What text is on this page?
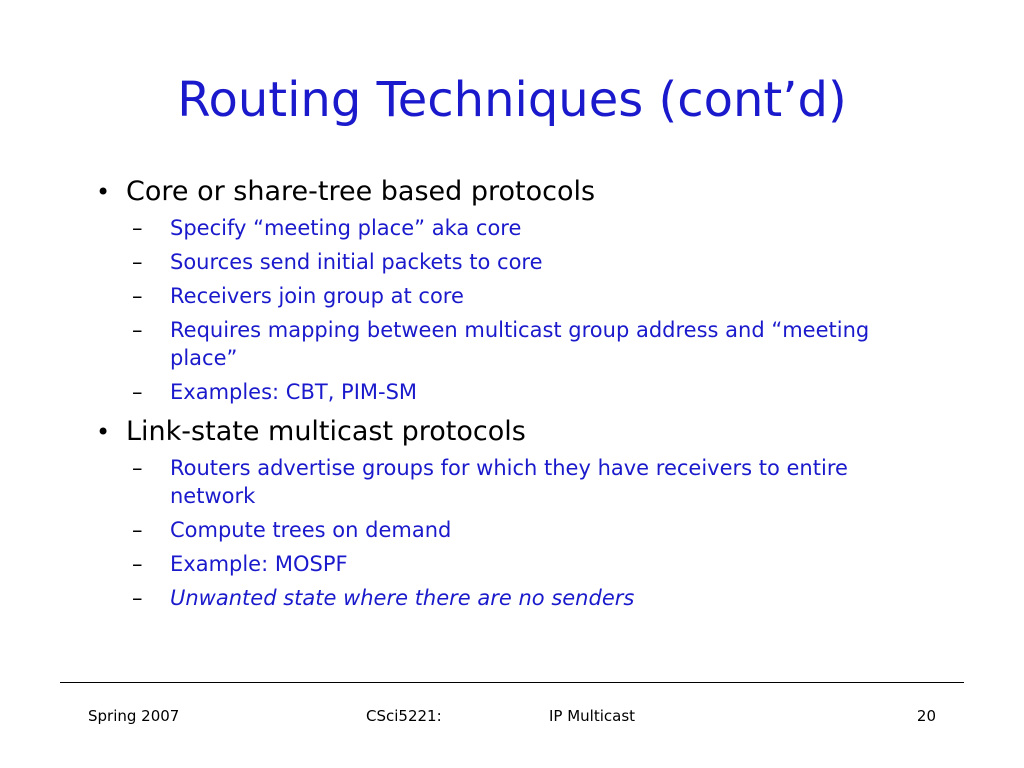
Routing Techniques (cont’d)
• Core or share-tree based protocols
– Specify “meeting place” aka core
– Sources send initial packets to core
– Receivers join group at core
– Requires mapping between multicast group address and “meeting place”
– Examples: CBT, PIM-SM
• Link-state multicast protocols
– Routers advertise groups for which they have receivers to entire network
– Compute trees on demand
– Example: MOSPF
– Unwanted state where there are no senders
Spring 2007	CSci5221:	IP Multicast	20
